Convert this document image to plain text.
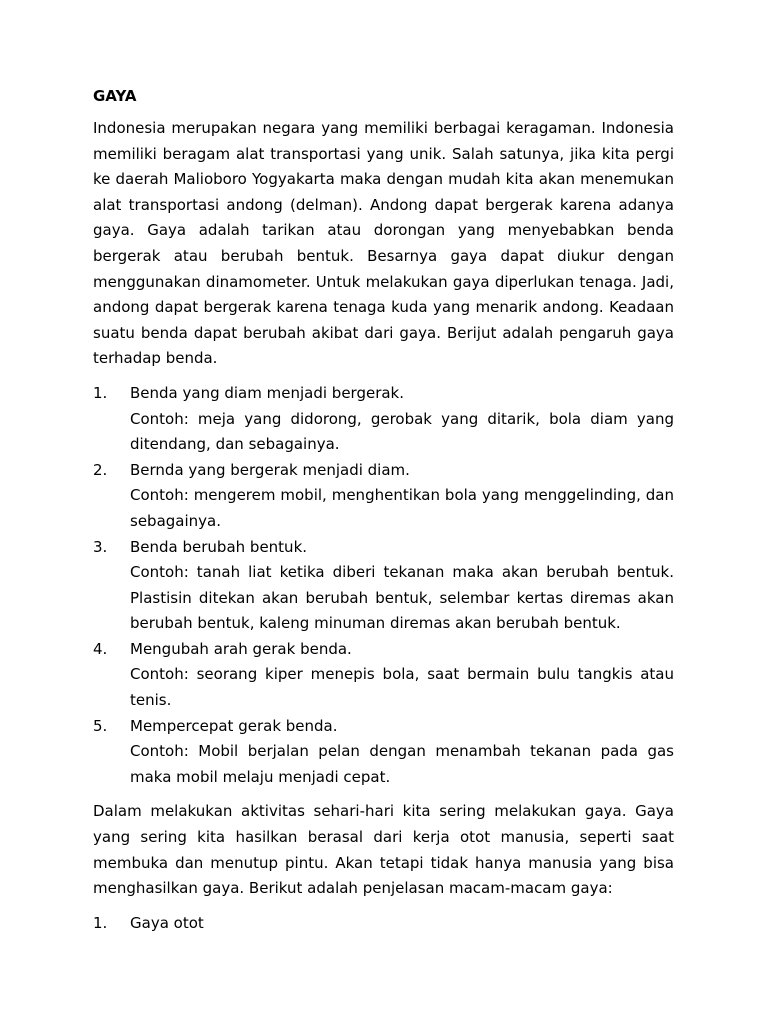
GAYA

Indonesia merupakan negara yang memiliki berbagai keragaman. Indonesia memiliki beragam alat transportasi yang unik. Salah satunya, jika kita pergi ke daerah Malioboro Yogyakarta maka dengan mudah kita akan menemukan alat transportasi andong (delman). Andong dapat bergerak karena adanya gaya. Gaya adalah tarikan atau dorongan yang menyebabkan benda bergerak atau berubah bentuk. Besarnya gaya dapat diukur dengan menggunakan dinamometer. Untuk melakukan gaya diperlukan tenaga. Jadi, andong dapat bergerak karena tenaga kuda yang menarik andong. Keadaan suatu benda dapat berubah akibat dari gaya. Berijut adalah pengaruh gaya terhadap benda.

1. Benda yang diam menjadi bergerak.
Contoh: meja yang didorong, gerobak yang ditarik, bola diam yang ditendang, dan sebagainya.
2. Bernda yang bergerak menjadi diam.
Contoh: mengerem mobil, menghentikan bola yang menggelinding, dan sebagainya.
3. Benda berubah bentuk.
Contoh: tanah liat ketika diberi tekanan maka akan berubah bentuk. Plastisin ditekan akan berubah bentuk, selembar kertas diremas akan berubah bentuk, kaleng minuman diremas akan berubah bentuk.
4. Mengubah arah gerak benda.
Contoh: seorang kiper menepis bola, saat bermain bulu tangkis atau tenis.
5. Mempercepat gerak benda.
Contoh: Mobil berjalan pelan dengan menambah tekanan pada gas maka mobil melaju menjadi cepat.

Dalam melakukan aktivitas sehari-hari kita sering melakukan gaya. Gaya yang sering kita hasilkan berasal dari kerja otot manusia, seperti saat membuka dan menutup pintu. Akan tetapi tidak hanya manusia yang bisa menghasilkan gaya. Berikut adalah penjelasan macam-macam gaya:

1. Gaya otot
